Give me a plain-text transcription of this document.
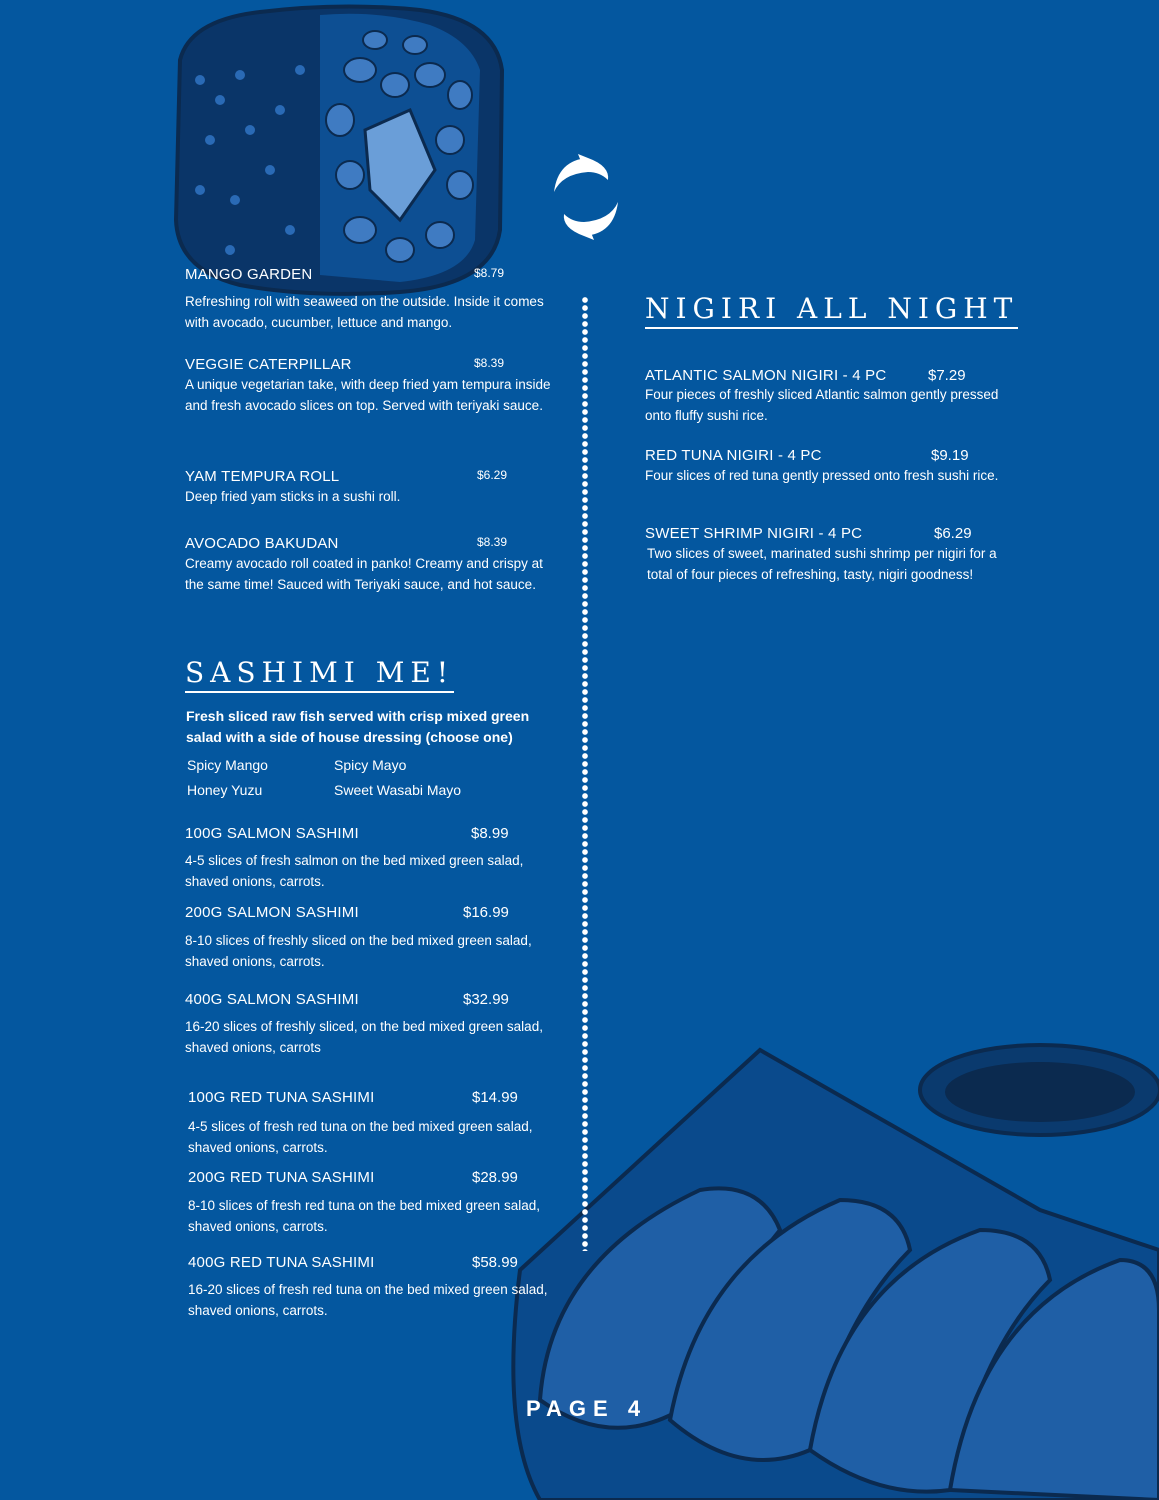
MANGO GARDEN	$8.79
Refreshing roll with seaweed on the outside. Inside it comes with avocado, cucumber, lettuce and mango.
VEGGIE CATERPILLAR	$8.39
A unique vegetarian take, with deep fried yam tempura inside and fresh avocado slices on top. Served with teriyaki sauce.
YAM TEMPURA ROLL	$6.29
Deep fried yam sticks in a sushi roll.
AVOCADO BAKUDAN	$8.39
Creamy avocado roll coated in panko! Creamy and crispy at the same time! Sauced with Teriyaki sauce, and hot sauce.
SASHIMI ME!
Fresh sliced raw fish served with crisp mixed green salad with a side of house dressing (choose one)
Spicy Mango	Spicy Mayo
Honey Yuzu	Sweet Wasabi Mayo
100G SALMON SASHIMI	$8.99
4-5 slices of fresh salmon on the bed mixed green salad, shaved onions, carrots.
200G SALMON SASHIMI	$16.99
8-10 slices of freshly sliced on the bed mixed green salad, shaved onions, carrots.
400G SALMON SASHIMI	$32.99
16-20 slices of freshly sliced, on the bed mixed green salad, shaved onions, carrots
100G RED TUNA SASHIMI	$14.99
4-5 slices of fresh red tuna on the bed mixed green salad, shaved onions, carrots.
200G RED TUNA SASHIMI	$28.99
8-10 slices of fresh red tuna on the bed mixed green salad, shaved onions, carrots.
400G RED TUNA SASHIMI	$58.99
16-20 slices of fresh red tuna on the bed mixed green salad, shaved onions, carrots.
NIGIRI ALL NIGHT
ATLANTIC SALMON NIGIRI - 4 PC	$7.29
Four pieces of freshly sliced Atlantic salmon gently pressed onto fluffy sushi rice.
RED TUNA NIGIRI - 4 PC	$9.19
Four slices of red tuna gently pressed onto fresh sushi rice.
SWEET SHRIMP NIGIRI - 4 PC	$6.29
Two slices of sweet, marinated sushi shrimp per nigiri for a total of four pieces of refreshing, tasty, nigiri goodness!
PAGE 4
